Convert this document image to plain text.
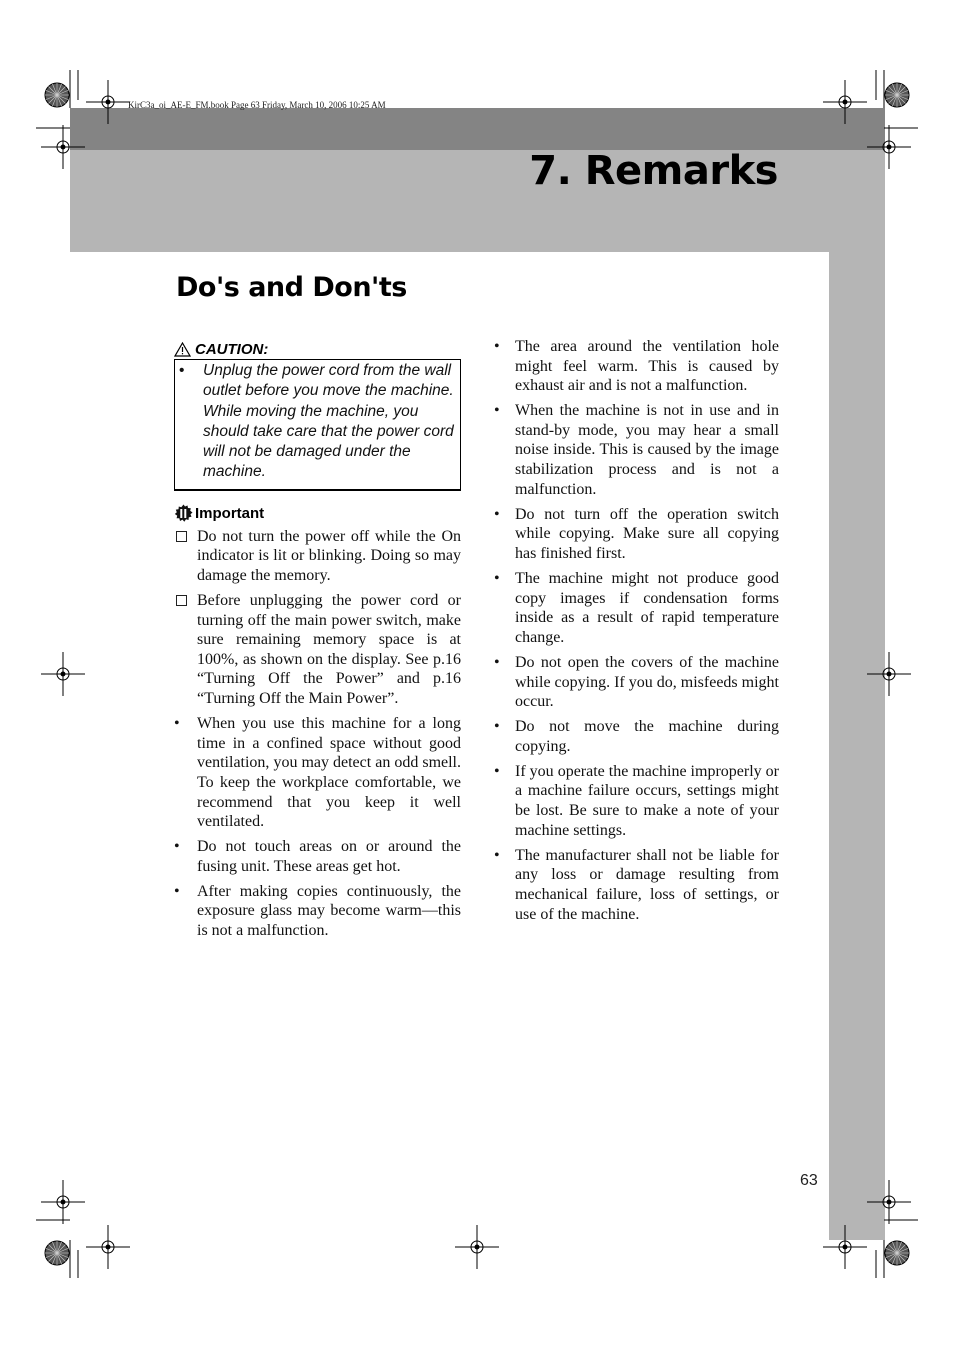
KirC3a_oi_AE-E_FM.book Page 63 Friday, March 10, 2006 10:25 AM
7. Remarks
Do's and Don'ts
CAUTION:
•	Unplug the power cord from the wall outlet before you move the machine. While moving the machine, you should take care that the power cord will not be damaged under the machine.
Important
Do not turn the power off while the On indicator is lit or blinking. Doing so may damage the memory.
Before unplugging the power cord or turning off the main power switch, make sure remaining memory space is at 100%, as shown on the display. See p.16 “Turning Off the Power” and p.16 “Turning Off the Main Power”.
•	When you use this machine for a long time in a confined space without good ventilation, you may detect an odd smell. To keep the workplace comfortable, we recommend that you keep it well ventilated.
•	Do not touch areas on or around the fusing unit. These areas get hot.
•	After making copies continuously, the exposure glass may become warm—this is not a malfunction.
• The area around the ventilation hole might feel warm. This is caused by exhaust air and is not a malfunction.
• When the machine is not in use and in stand-by mode, you may hear a small noise inside. This is caused by the image stabilization process and is not a malfunction.
• Do not turn off the operation switch while copying. Make sure all copying has finished first.
• The machine might not produce good copy images if condensation forms inside as a result of rapid temperature change.
• Do not open the covers of the machine while copying. If you do, misfeeds might occur.
• Do not move the machine during copying.
• If you operate the machine improperly or a machine failure occurs, settings might be lost. Be sure to make a note of your machine settings.
• The manufacturer shall not be liable for any loss or damage resulting from mechanical failure, loss of settings, or use of the machine.
63
